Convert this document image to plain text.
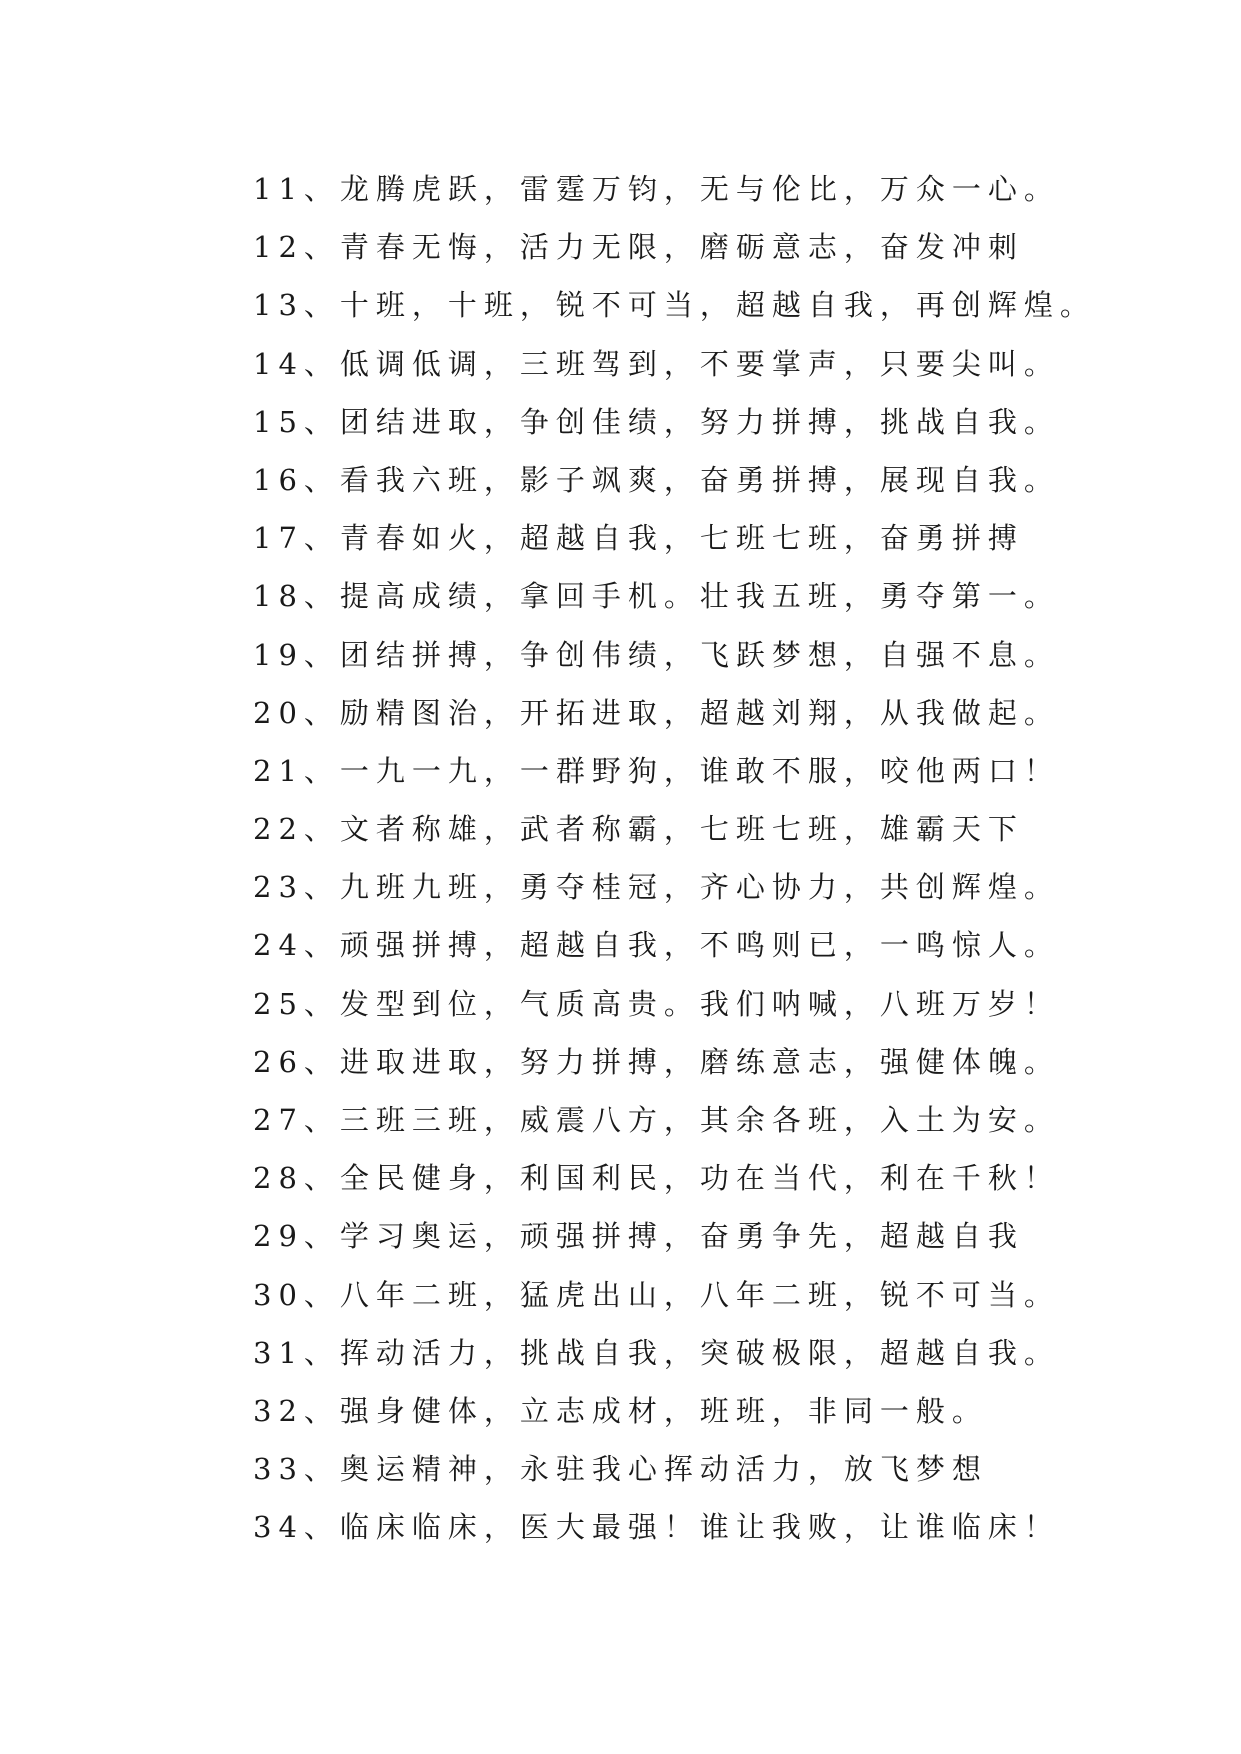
11、龙腾虎跃，雷霆万钧，无与伦比，万众一心。
12、青春无悔，活力无限，磨砺意志，奋发冲刺
13、十班，十班，锐不可当，超越自我，再创辉煌。
14、低调低调，三班驾到，不要掌声，只要尖叫。
15、团结进取，争创佳绩，努力拼搏，挑战自我。
16、看我六班，影子飒爽，奋勇拼搏，展现自我。
17、青春如火，超越自我，七班七班，奋勇拼搏
18、提高成绩，拿回手机。壮我五班，勇夺第一。
19、团结拼搏，争创伟绩，飞跃梦想，自强不息。
20、励精图治，开拓进取，超越刘翔，从我做起。
21、一九一九，一群野狗，谁敢不服，咬他两口！
22、文者称雄，武者称霸，七班七班，雄霸天下
23、九班九班，勇夺桂冠，齐心协力，共创辉煌。
24、顽强拼搏，超越自我，不鸣则已，一鸣惊人。
25、发型到位，气质高贵。我们呐喊，八班万岁！
26、进取进取，努力拼搏，磨练意志，强健体魄。
27、三班三班，威震八方，其余各班，入土为安。
28、全民健身，利国利民，功在当代，利在千秋！
29、学习奥运，顽强拼搏，奋勇争先，超越自我
30、八年二班，猛虎出山，八年二班，锐不可当。
31、挥动活力，挑战自我，突破极限，超越自我。
32、强身健体，立志成材，班班，非同一般。
33、奥运精神，永驻我心挥动活力，放飞梦想
34、临床临床，医大最强！谁让我败，让谁临床！
